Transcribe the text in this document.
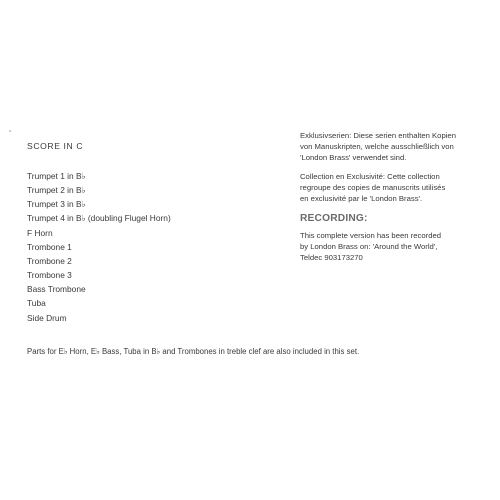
SCORE IN C
Trumpet 1 in B♭
Trumpet 2 in B♭
Trumpet 3 in B♭
Trumpet 4 in B♭ (doubling Flugel Horn)
F Horn
Trombone 1
Trombone 2
Trombone 3
Bass Trombone
Tuba
Side Drum

Exklusivserien: Diese serien enthalten Kopien
von Manuskripten, welche ausschließlich von
'London Brass' verwendet sind.

Collection en Exclusivité: Cette collection
regroupe des copies de manuscrits utilisés
en exclusivité par le 'London Brass'.

RECORDING:

This complete version has been recorded
by London Brass on: 'Around the World',
Teldec 903173270

Parts for E♭ Horn, E♭ Bass, Tuba in B♭ and Trombones in treble clef are also included in this set.
